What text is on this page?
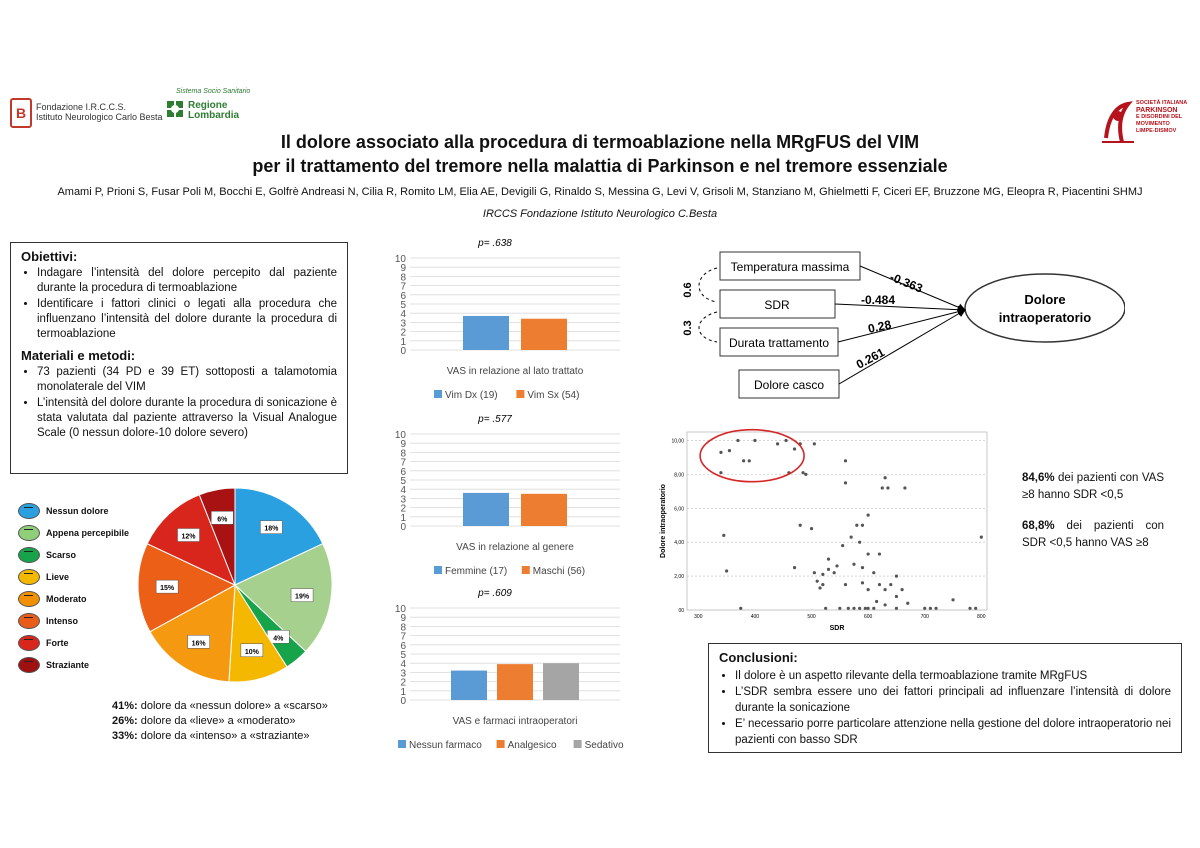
B	Fondazione I.R.C.C.S.
Istituto Neurologico Carlo Besta
Sistema Socio Sanitario
Regione
Lombardia
SOCIETÀ ITALIANA
PARKINSON
E DISORDINI DEL
MOVIMENTO
LIMPE-DISMOV
Il dolore associato alla procedura di termoablazione nella MRgFUS del VIM
per il trattamento del tremore nella malattia di Parkinson e nel tremore essenziale
Amami P, Prioni S, Fusar Poli M, Bocchi E, Golfrè Andreasi N, Cilia R, Romito LM, Elia AE, Devigili G, Rinaldo S, Messina G, Levi V, Grisoli M, Stanziano M, Ghielmetti F, Ciceri EF, Bruzzone MG, Eleopra R, Piacentini SHMJ
IRCCS Fondazione Istituto Neurologico C.Besta
Obiettivi:
• Indagare l’intensità del dolore percepito dal paziente durante la procedura di termoablazione
• Identificare i fattori clinici o legati alla procedura che influenzano l’intensità del dolore durante la procedura di termoablazione
Materiali e metodi:
• 73 pazienti (34 PD e 39 ET) sottoposti a talamotomia monolaterale del VIM
• L’intensità del dolore durante la procedura di sonicazione è stata valutata dal paziente attraverso la Visual Analogue Scale (0 nessun dolore-10 dolore severo)
Nessun dolore
Appena percepibile
Scarso
Lieve
Moderato
Intenso
Forte
Straziante
18%
19%
4%
10%
16%
15%
12%
6%
41%: dolore da «nessun dolore» a «scarso»
26%: dolore da «lieve» a «moderato»
33%: dolore da «intenso» a «straziante»
p= .638
0
1
2
3
4
5
6
7
8
9
10
VAS in relazione al lato trattato
Vim Dx (19)	Vim Sx (54)
p= .577
0
1
2
3
4
5
6
7
8
9
10
VAS in relazione al genere
Femmine (17)	Maschi (56)
p= .609
0
1
2
3
4
5
6
7
8
9
10
VAS e farmaci intraoperatori
Nessun farmaco	Analgesico	Sedativo
Temperatura massima
SDR
Durata trattamento
Dolore casco
Dolore
intraoperatorio
-0.363
-0.484
0.28
0.261
0.6
0.3
00
2,00
4,00
6,00
8,00
10,00
300	400	500	600	700	800
SDR
Dolore intraoperatorio
84,6% dei pazienti con VAS ≥8 hanno SDR <0,5
68,8% dei pazienti con SDR <0,5 hanno VAS ≥8
Conclusioni:
• Il dolore è un aspetto rilevante della termoablazione tramite MRgFUS
• L’SDR sembra essere uno dei fattori principali ad influenzare l’intensità di dolore durante la sonicazione
• E’ necessario porre particolare attenzione nella gestione del dolore intraoperatorio nei pazienti con basso SDR
